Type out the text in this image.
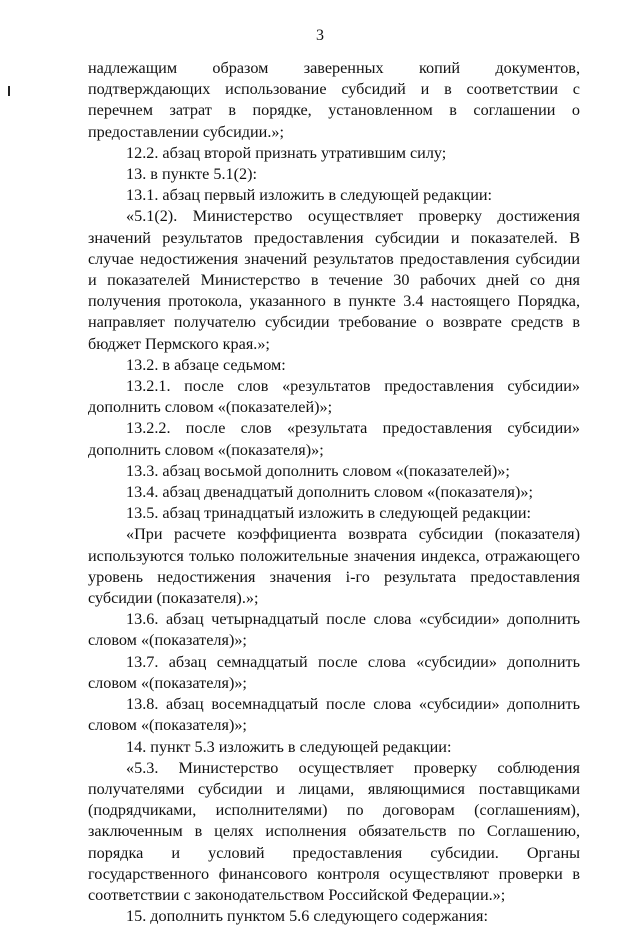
3

надлежащим образом заверенных копий документов, подтверждающих использование субсидий и в соответствии с перечнем затрат в порядке, установленном в соглашении о предоставлении субсидии.»;

12.2. абзац второй признать утратившим силу;

13. в пункте 5.1(2):

13.1. абзац первый изложить в следующей редакции:

«5.1(2). Министерство осуществляет проверку достижения значений результатов предоставления субсидии и показателей. В случае недостижения значений результатов предоставления субсидии и показателей Министерство в течение 30 рабочих дней со дня получения протокола, указанного в пункте 3.4 настоящего Порядка, направляет получателю субсидии требование о возврате средств в бюджет Пермского края.»;

13.2. в абзаце седьмом:

13.2.1. после слов «результатов предоставления субсидии» дополнить словом «(показателей)»;

13.2.2. после слов «результата предоставления субсидии» дополнить словом «(показателя)»;

13.3. абзац восьмой дополнить словом «(показателей)»;

13.4. абзац двенадцатый дополнить словом «(показателя)»;

13.5. абзац тринадцатый изложить в следующей редакции:

«При расчете коэффициента возврата субсидии (показателя) используются только положительные значения индекса, отражающего уровень недостижения значения i-го результата предоставления субсидии (показателя).»;

13.6. абзац четырнадцатый после слова «субсидии» дополнить словом «(показателя)»;

13.7. абзац семнадцатый после слова «субсидии» дополнить словом «(показателя)»;

13.8. абзац восемнадцатый после слова «субсидии» дополнить словом «(показателя)»;

14. пункт 5.3 изложить в следующей редакции:

«5.3. Министерство осуществляет проверку соблюдения получателями субсидии и лицами, являющимися поставщиками (подрядчиками, исполнителями) по договорам (соглашениям), заключенным в целях исполнения обязательств по Соглашению, порядка и условий предоставления субсидии. Органы государственного финансового контроля осуществляют проверки в соответствии с законодательством Российской Федерации.»;

15. дополнить пунктом 5.6 следующего содержания:
